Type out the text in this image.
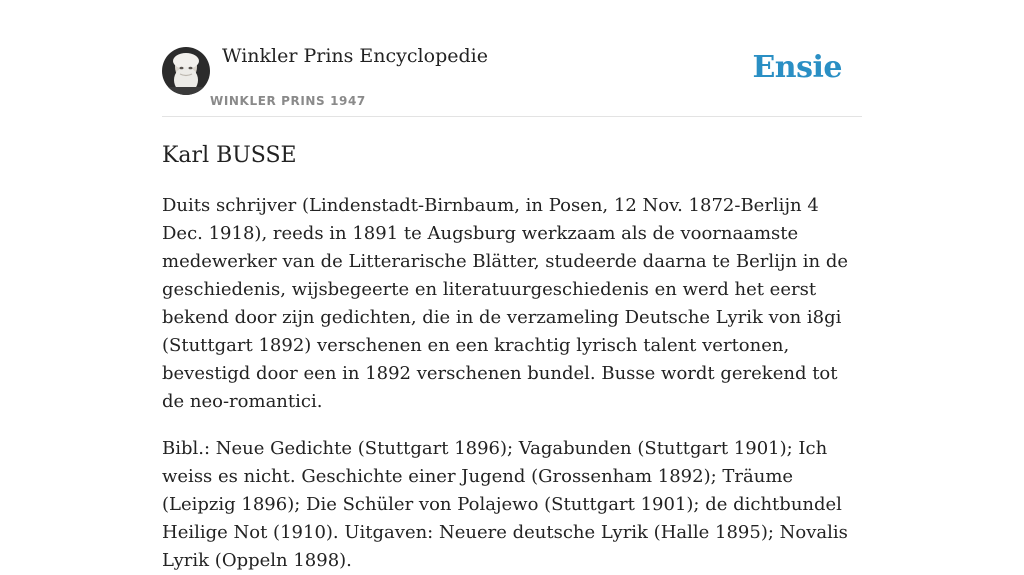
Winkler Prins Encyclopedie
WINKLER PRINS 1947
Ensie
Karl BUSSE

Duits schrijver (Lindenstadt-Birnbaum, in Posen, 12 Nov. 1872-Berlijn 4 Dec. 1918), reeds in 1891 te Augsburg werkzaam als de voornaamste medewerker van de Litterarische Blätter, studeerde daarna te Berlijn in de geschiedenis, wijsbegeerte en literatuurgeschiedenis en werd het eerst bekend door zijn gedichten, die in de verzameling Deutsche Lyrik von i8gi (Stuttgart 1892) verschenen en een krachtig lyrisch talent vertonen, bevestigd door een in 1892 verschenen bundel. Busse wordt gerekend tot de neo-romantici.

Bibl.: Neue Gedichte (Stuttgart 1896); Vagabunden (Stuttgart 1901); Ich weiss es nicht. Geschichte einer Jugend (Grossenham 1892); Träume (Leipzig 1896); Die Schüler von Polajewo (Stuttgart 1901); de dichtbundel Heilige Not (1910). Uitgaven: Neuere deutsche Lyrik (Halle 1895); Novalis Lyrik (Oppeln 1898).
